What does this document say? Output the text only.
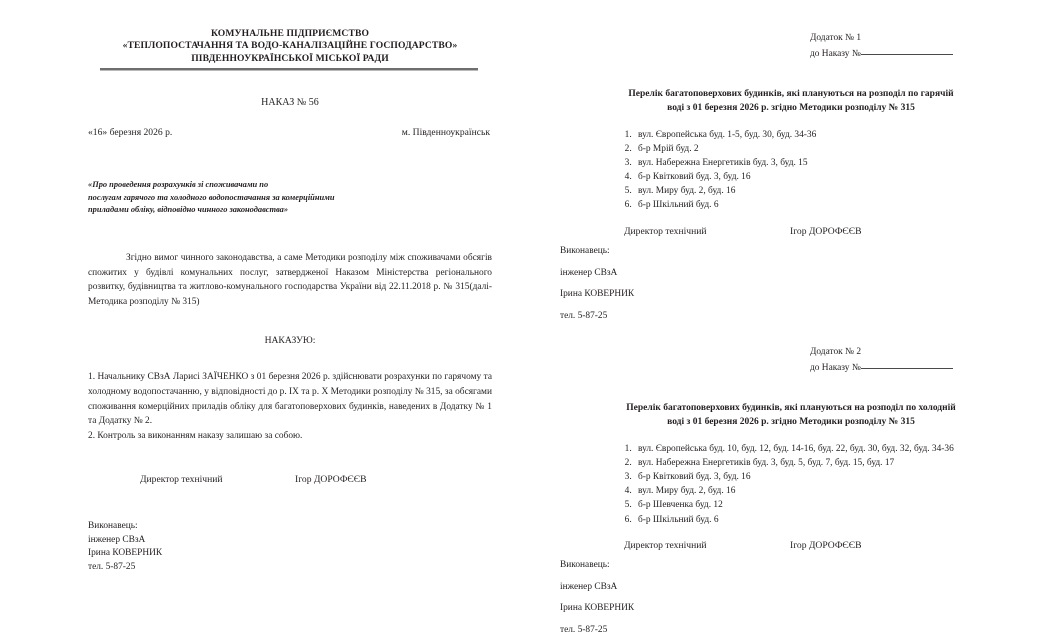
КОМУНАЛЬНЕ ПІДПРИЄМСТВО
«ТЕПЛОПОСТАЧАННЯ ТА ВОДО-КАНАЛІЗАЦІЙНЕ ГОСПОДАРСТВО»
ПІВДЕННОУКРАЇНСЬКОЇ МІСЬКОЇ РАДИ
НАКАЗ № 56
«16» березня 2026 р.	м. Південноукраїнськ
«Про проведення розрахунків зі споживачами по
послугам гарячого та холодного водопостачання за комерційними
приладами обліку, відповідно чинного законодавства»
Згідно вимог чинного законодавства, а саме Методики розподілу між споживачами обсягів спожитих у будівлі комунальних послуг, затвердженої Наказом Міністерства регіонального розвитку, будівництва та житлово-комунального господарства України від 22.11.2018 р. № 315(далі- Методика розподілу № 315)
НАКАЗУЮ:
1. Начальнику СВзА Ларисі ЗАЇЧЕНКО з 01 березня 2026 р. здійснювати розрахунки по гарячому та холодному водопостачанню, у відповідності до р. IX та р. X Методики розподілу № 315, за обсягами споживання комерційних приладів обліку для багатоповерхових будинків, наведених в Додатку № 1 та Додатку № 2.
2. Контроль за виконанням наказу залишаю за собою.
Директор технічний	Ігор ДОРОФЄЄВ
Виконавець:
інженер СВзА
Ірина КОВЕРНИК
тел. 5-87-25
Додаток № 1
до Наказу №
Перелік багатоповерхових будинків, які плануються на розподіл по гарячій
воді з 01 березня 2026 р. згідно Методики розподілу № 315
1. вул. Європейська буд. 1-5, буд. 30, буд. 34-36
2. б-р Мрій буд. 2
3. вул. Набережна Енергетиків буд. 3, буд. 15
4. б-р Квітковий буд. 3, буд. 16
5. вул. Миру буд. 2, буд. 16
6. б-р Шкільний буд. 6
Директор технічний	Ігор ДОРОФЄЄВ
Виконавець:
інженер СВзА
Ірина КОВЕРНИК
тел. 5-87-25
Додаток № 2
до Наказу №
Перелік багатоповерхових будинків, які плануються на розподіл по холодній
воді з 01 березня 2026 р. згідно Методики розподілу № 315
1. вул. Європейська буд. 10, буд. 12, буд. 14-16, буд. 22, буд. 30, буд. 32, буд. 34-36
2. вул. Набережна Енергетиків буд. 3, буд. 5, буд. 7, буд. 15, буд. 17
3. б-р Квітковий буд. 3, буд. 16
4. вул. Миру буд. 2, буд. 16
5. б-р Шевченка буд. 12
6. б-р Шкільний буд. 6
Директор технічний	Ігор ДОРОФЄЄВ
Виконавець:
інженер СВзА
Ірина КОВЕРНИК
тел. 5-87-25
